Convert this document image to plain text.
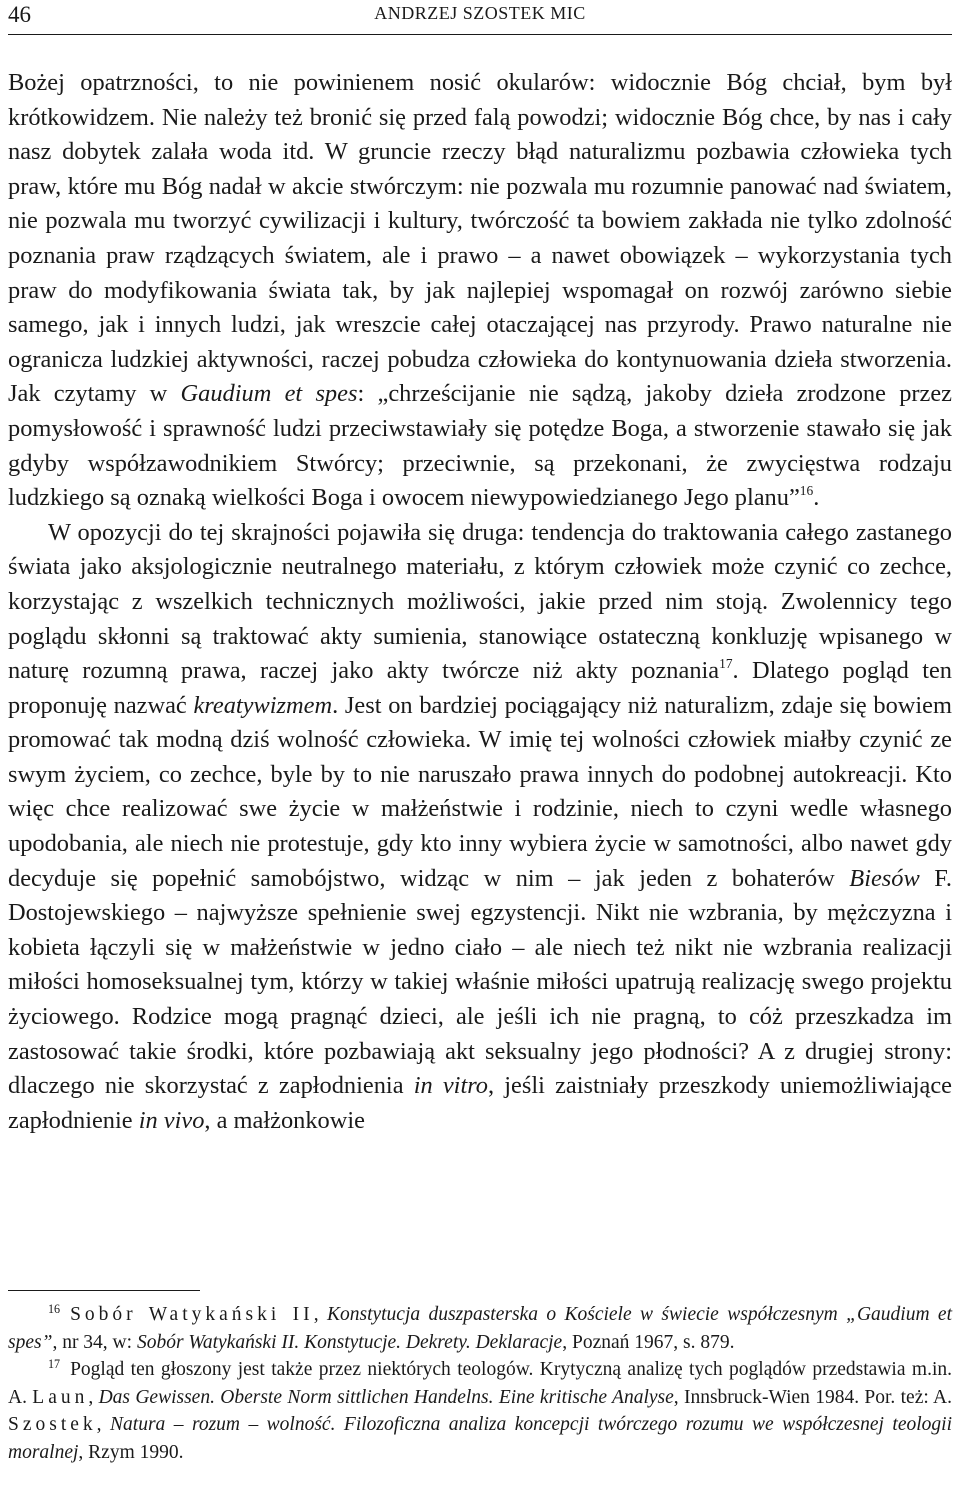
46	ANDRZEJ SZOSTEK MIC

Bożej opatrzności, to nie powinienem nosić okularów: widocznie Bóg chciał, bym był krótkowidzem. Nie należy też bronić się przed falą powodzi; widocznie Bóg chce, by nas i cały nasz dobytek zalała woda itd. W gruncie rzeczy błąd naturalizmu pozbawia człowieka tych praw, które mu Bóg nadał w akcie stwórczym: nie pozwala mu rozumnie panować nad światem, nie pozwala mu tworzyć cywilizacji i kultury, twórczość ta bowiem zakłada nie tylko zdolność poznania praw rządzących światem, ale i prawo – a nawet obowiązek – wykorzystania tych praw do modyfikowania świata tak, by jak najlepiej wspomagał on rozwój zarówno siebie samego, jak i innych ludzi, jak wreszcie całej otaczającej nas przyrody. Prawo naturalne nie ogranicza ludzkiej aktywności, raczej pobudza człowieka do kontynuowania dzieła stworzenia. Jak czytamy w Gaudium et spes: „chrześcijanie nie sądzą, jakoby dzieła zrodzone przez pomysłowość i sprawność ludzi przeciwstawiały się potędze Boga, a stworzenie stawało się jak gdyby współzawodnikiem Stwórcy; przeciwnie, są przekonani, że zwycięstwa rodzaju ludzkiego są oznaką wielkości Boga i owocem niewypowiedzianego Jego planu”$^{16}$.

W opozycji do tej skrajności pojawiła się druga: tendencja do traktowania całego zastanego świata jako aksjologicznie neutralnego materiału, z którym człowiek może czynić co zechce, korzystając z wszelkich technicznych możliwości, jakie przed nim stoją. Zwolennicy tego poglądu skłonni są traktować akty sumienia, stanowiące ostateczną konkluzję wpisanego w naturę rozumną prawa, raczej jako akty twórcze niż akty poznania$^{17}$. Dlatego pogląd ten proponuję nazwać kreatywizmem. Jest on bardziej pociągający niż naturalizm, zdaje się bowiem promować tak modną dziś wolność człowieka. W imię tej wolności człowiek miałby czynić ze swym życiem, co zechce, byle by to nie naruszało prawa innych do podobnej autokreacji. Kto więc chce realizować swe życie w małżeństwie i rodzinie, niech to czyni wedle własnego upodobania, ale niech nie protestuje, gdy kto inny wybiera życie w samotności, albo nawet gdy decyduje się popełnić samobójstwo, widząc w nim – jak jeden z bohaterów Biesów F. Dostojewskiego – najwyższe spełnienie swej egzystencji. Nikt nie wzbrania, by mężczyzna i kobieta łączyli się w małżeństwie w jedno ciało – ale niech też nikt nie wzbrania realizacji miłości homoseksualnej tym, którzy w takiej właśnie miłości upatrują realizację swego projektu życiowego. Rodzice mogą pragnąć dzieci, ale jeśli ich nie pragną, to cóż przeszkadza im zastosować takie środki, które pozbawiają akt seksualny jego płodności? A z drugiej strony: dlaczego nie skorzystać z zapłodnienia in vitro, jeśli zaistniały przeszkody uniemożliwiające zapłodnienie in vivo, a małżonkowie

$^{16}$ Sobór Watykański II, Konstytucja duszpasterska o Kościele w świecie współczesnym „Gaudium et spes”, nr 34, w: Sobór Watykański II. Konstytucje. Dekrety. Deklaracje, Poznań 1967, s. 879.

$^{17}$ Pogląd ten głoszony jest także przez niektórych teologów. Krytyczną analizę tych poglądów przedstawia m.in. A. Laun, Das Gewissen. Oberste Norm sittlichen Handelns. Eine kritische Analyse, Innsbruck-Wien 1984. Por. też: A. Szostek, Natura – rozum – wolność. Filozoficzna analiza koncepcji twórczego rozumu we współczesnej teologii moralnej, Rzym 1990.
